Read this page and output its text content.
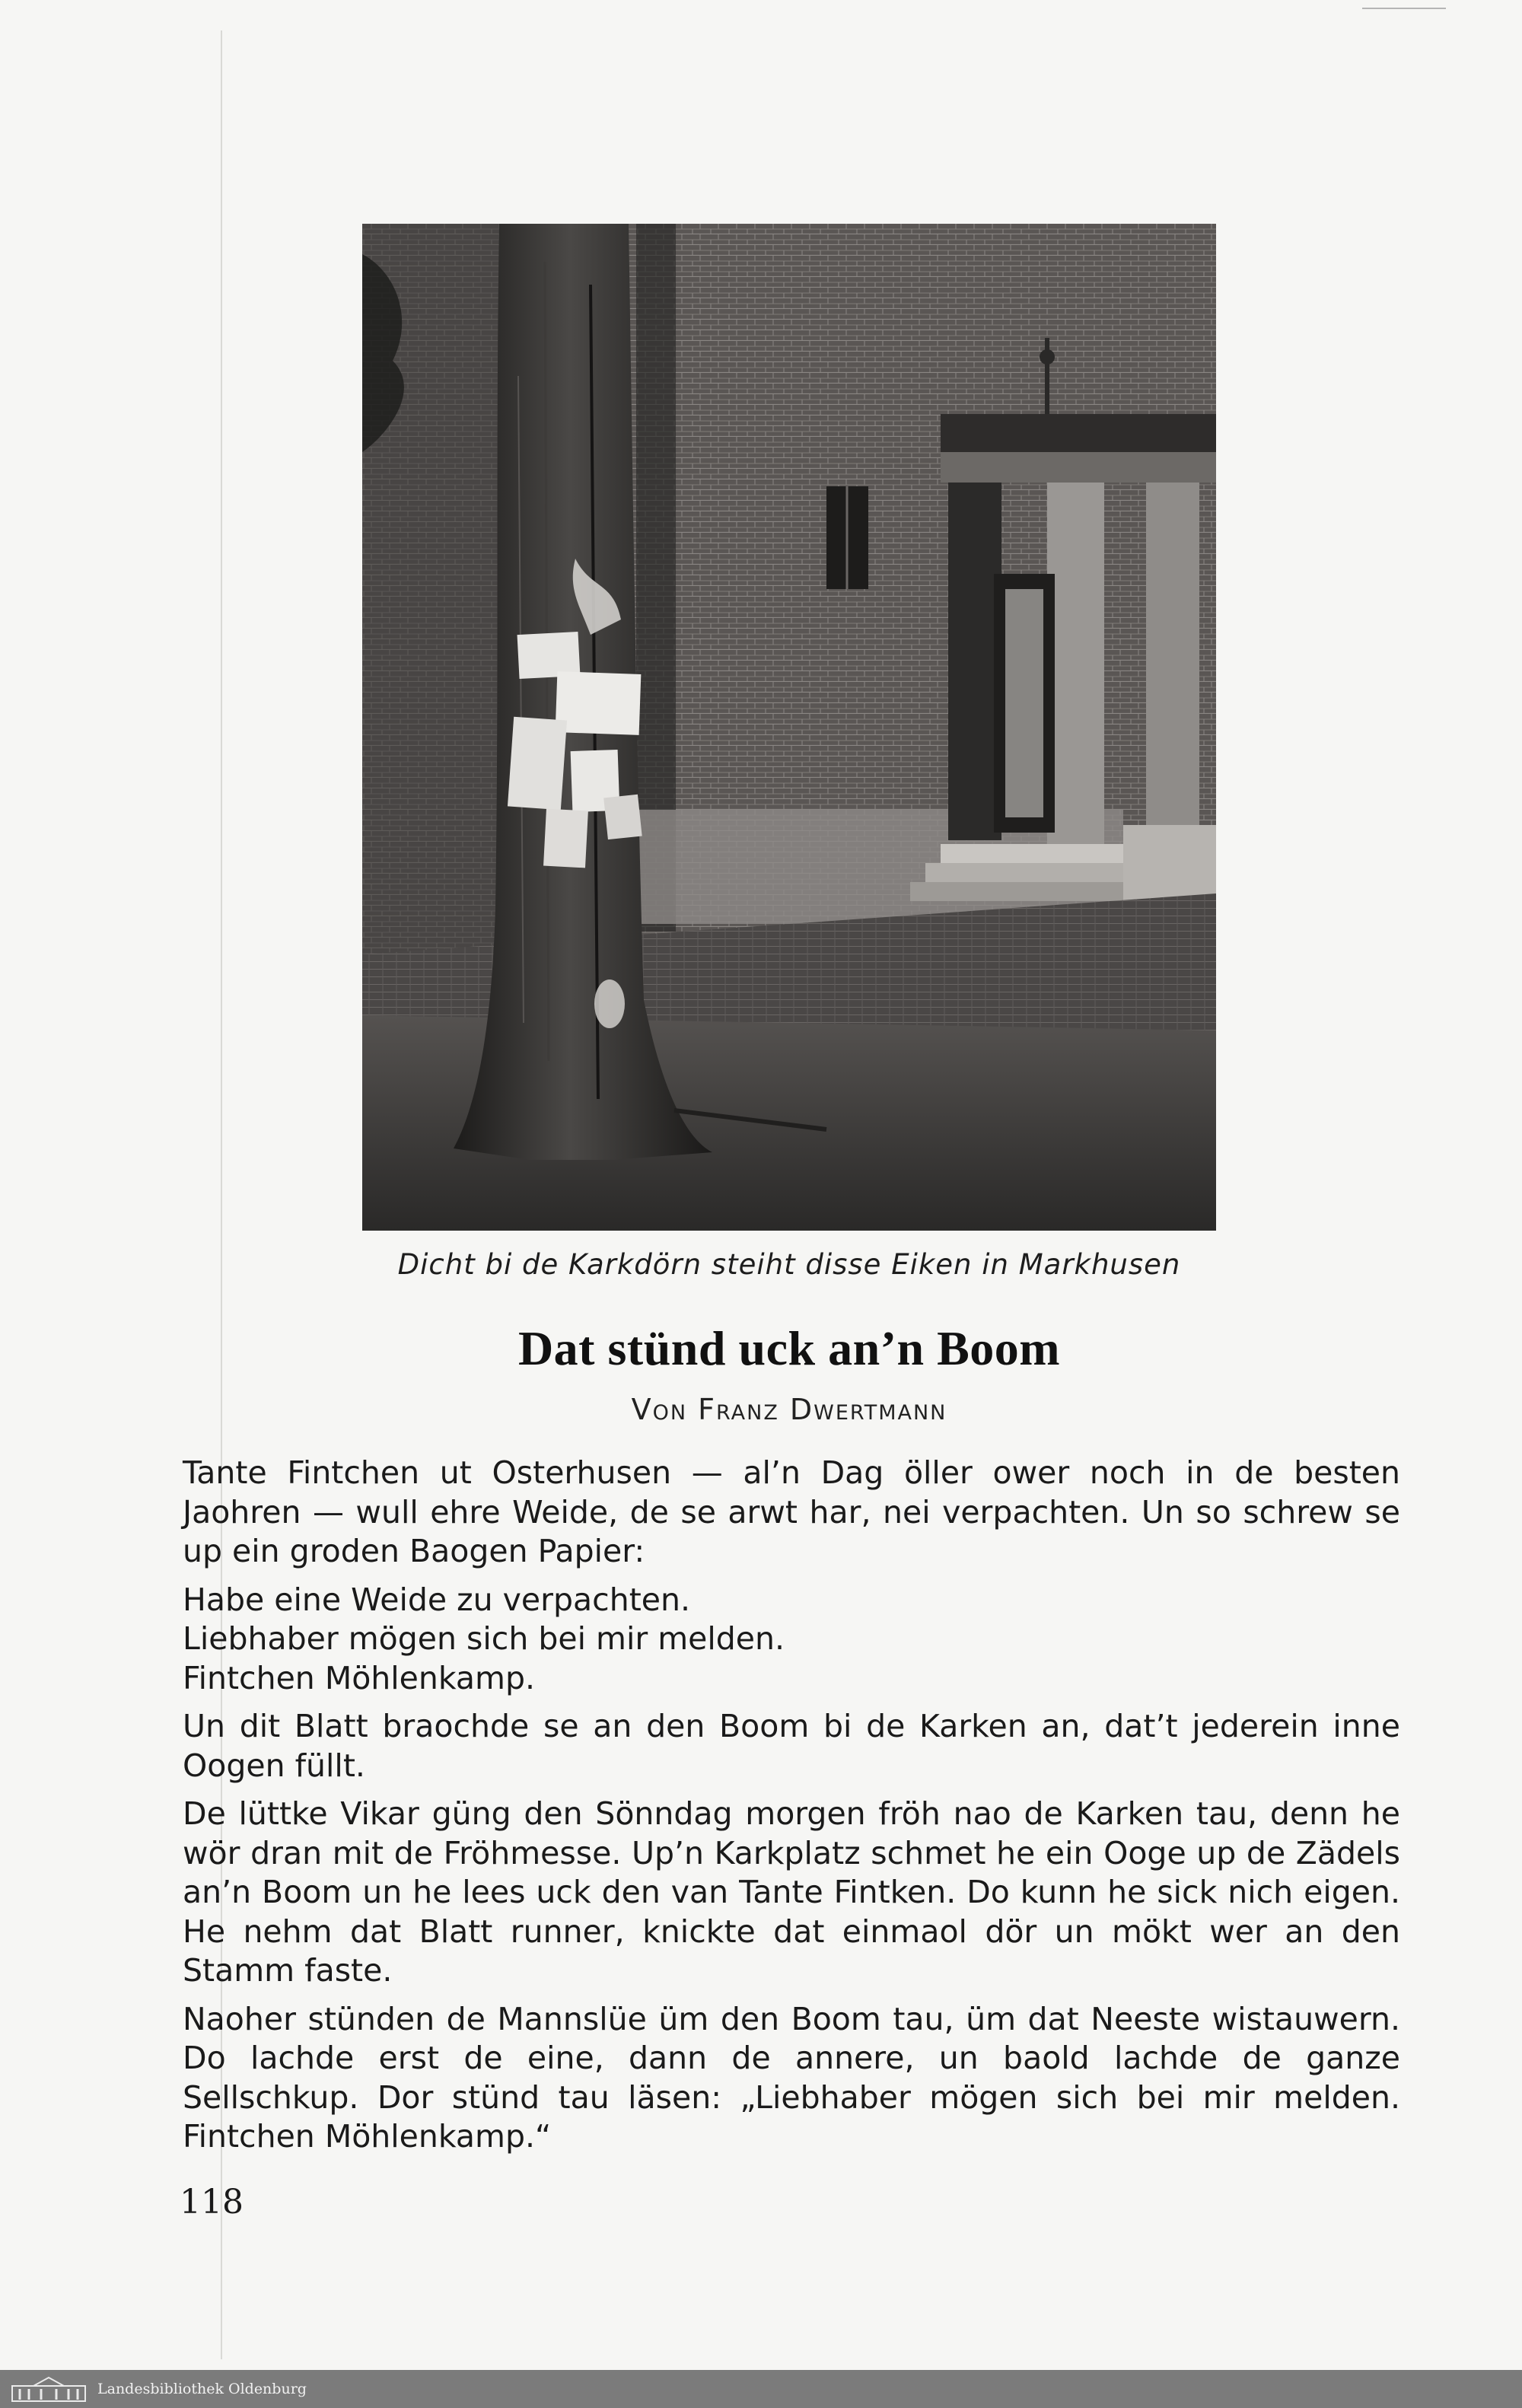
Dicht bi de Karkdörn steiht disse Eiken in Markhusen
Dat stünd uck an’n Boom
Von Franz Dwertmann

Tante Fintchen ut Osterhusen — al’n Dag öller ower noch in de besten Jaohren — wull ehre Weide, de se arwt har, nei verpachten. Un so schrew se up ein groden Baogen Papier:

Habe eine Weide zu verpachten.

Liebhaber mögen sich bei mir melden.

Fintchen Möhlenkamp.

Un dit Blatt braochde se an den Boom bi de Karken an, dat’t jederein inne Oogen füllt.

De lüttke Vikar güng den Sönndag morgen fröh nao de Karken tau, denn he wör dran mit de Fröhmesse. Up’n Karkplatz schmet he ein Ooge up de Zädels an’n Boom un he lees uck den van Tante Fintken. Do kunn he sick nich eigen. He nehm dat Blatt runner, knickte dat einmaol dör un mökt wer an den Stamm faste.

Naoher stünden de Mannslüe üm den Boom tau, üm dat Neeste wistauwern. Do lachde erst de eine, dann de annere, un baold lachde de ganze Sellschkup. Dor stünd tau läsen: „Liebhaber mögen sich bei mir melden. Fintchen Möhlenkamp.“

118
Landesbibliothek Oldenburg
